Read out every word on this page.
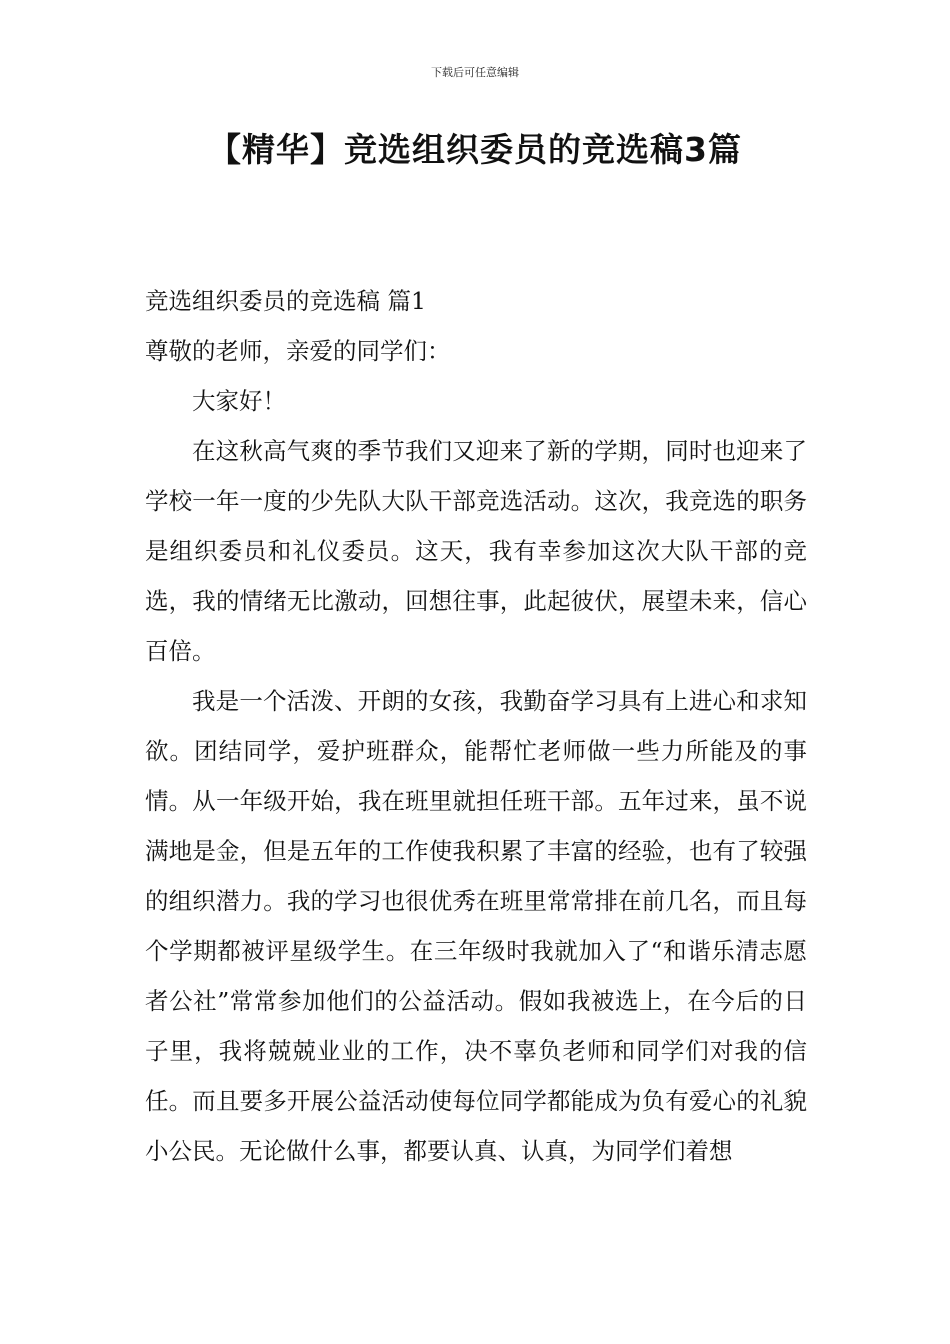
下载后可任意编辑
【精华】竞选组织委员的竞选稿3篇

竞选组织委员的竞选稿 篇1

尊敬的老师，亲爱的同学们：

大家好！

在这秋高气爽的季节我们又迎来了新的学期，同时也迎来了学校一年一度的少先队大队干部竞选活动。这次，我竞选的职务是组织委员和礼仪委员。这天，我有幸参加这次大队干部的竞选，我的情绪无比激动，回想往事，此起彼伏，展望未来，信心百倍。

我是一个活泼、开朗的女孩，我勤奋学习具有上进心和求知欲。团结同学，爱护班群众，能帮忙老师做一些力所能及的事情。从一年级开始，我在班里就担任班干部。五年过来，虽不说满地是金，但是五年的工作使我积累了丰富的经验，也有了较强的组织潜力。我的学习也很优秀在班里常常排在前几名，而且每个学期都被评星级学生。在三年级时我就加入了“和谐乐清志愿者公社”常常参加他们的公益活动。假如我被选上，在今后的日子里，我将兢兢业业的工作，决不辜负老师和同学们对我的信任。而且要多开展公益活动使每位同学都能成为负有爱心的礼貌小公民。无论做什么事，都要认真、认真，为同学们着想
